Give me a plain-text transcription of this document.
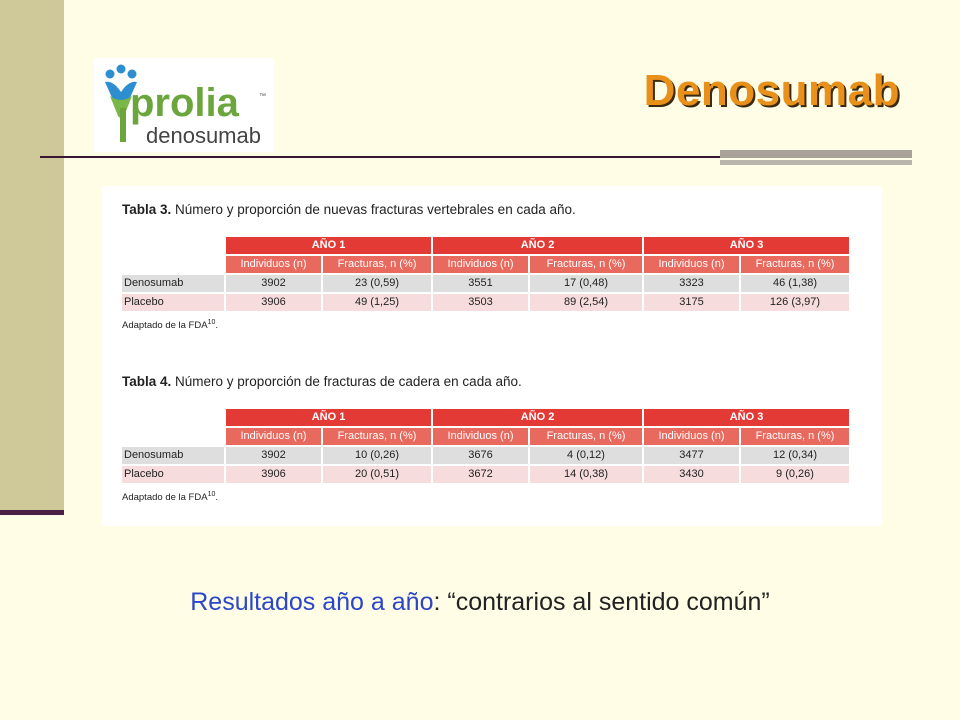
prolia	™
denosumab
Denosumab

Tabla 3. Número y proporción de nuevas fracturas vertebrales en cada año.

	AÑO 1		AÑO 2		AÑO 3	
	Individuos (n)	Fracturas, n (%)	Individuos (n)	Fracturas, n (%)	Individuos (n)	Fracturas, n (%)
Denosumab	3902	23 (0,59)	3551	17 (0,48)	3323	46 (1,38)
Placebo	3906	49 (1,25)	3503	89 (2,54)	3175	126 (3,97)
Adaptado de la FDA$^{10}$.

Tabla 4. Número y proporción de fracturas de cadera en cada año.

	AÑO 1		AÑO 2		AÑO 3	
	Individuos (n)	Fracturas, n (%)	Individuos (n)	Fracturas, n (%)	Individuos (n)	Fracturas, n (%)
Denosumab	3902	10 (0,26)	3676	4 (0,12)	3477	12 (0,34)
Placebo	3906	20 (0,51)	3672	14 (0,38)	3430	9 (0,26)
Adaptado de la FDA$^{10}$.
Resultados año a año: “contrarios al sentido común”
